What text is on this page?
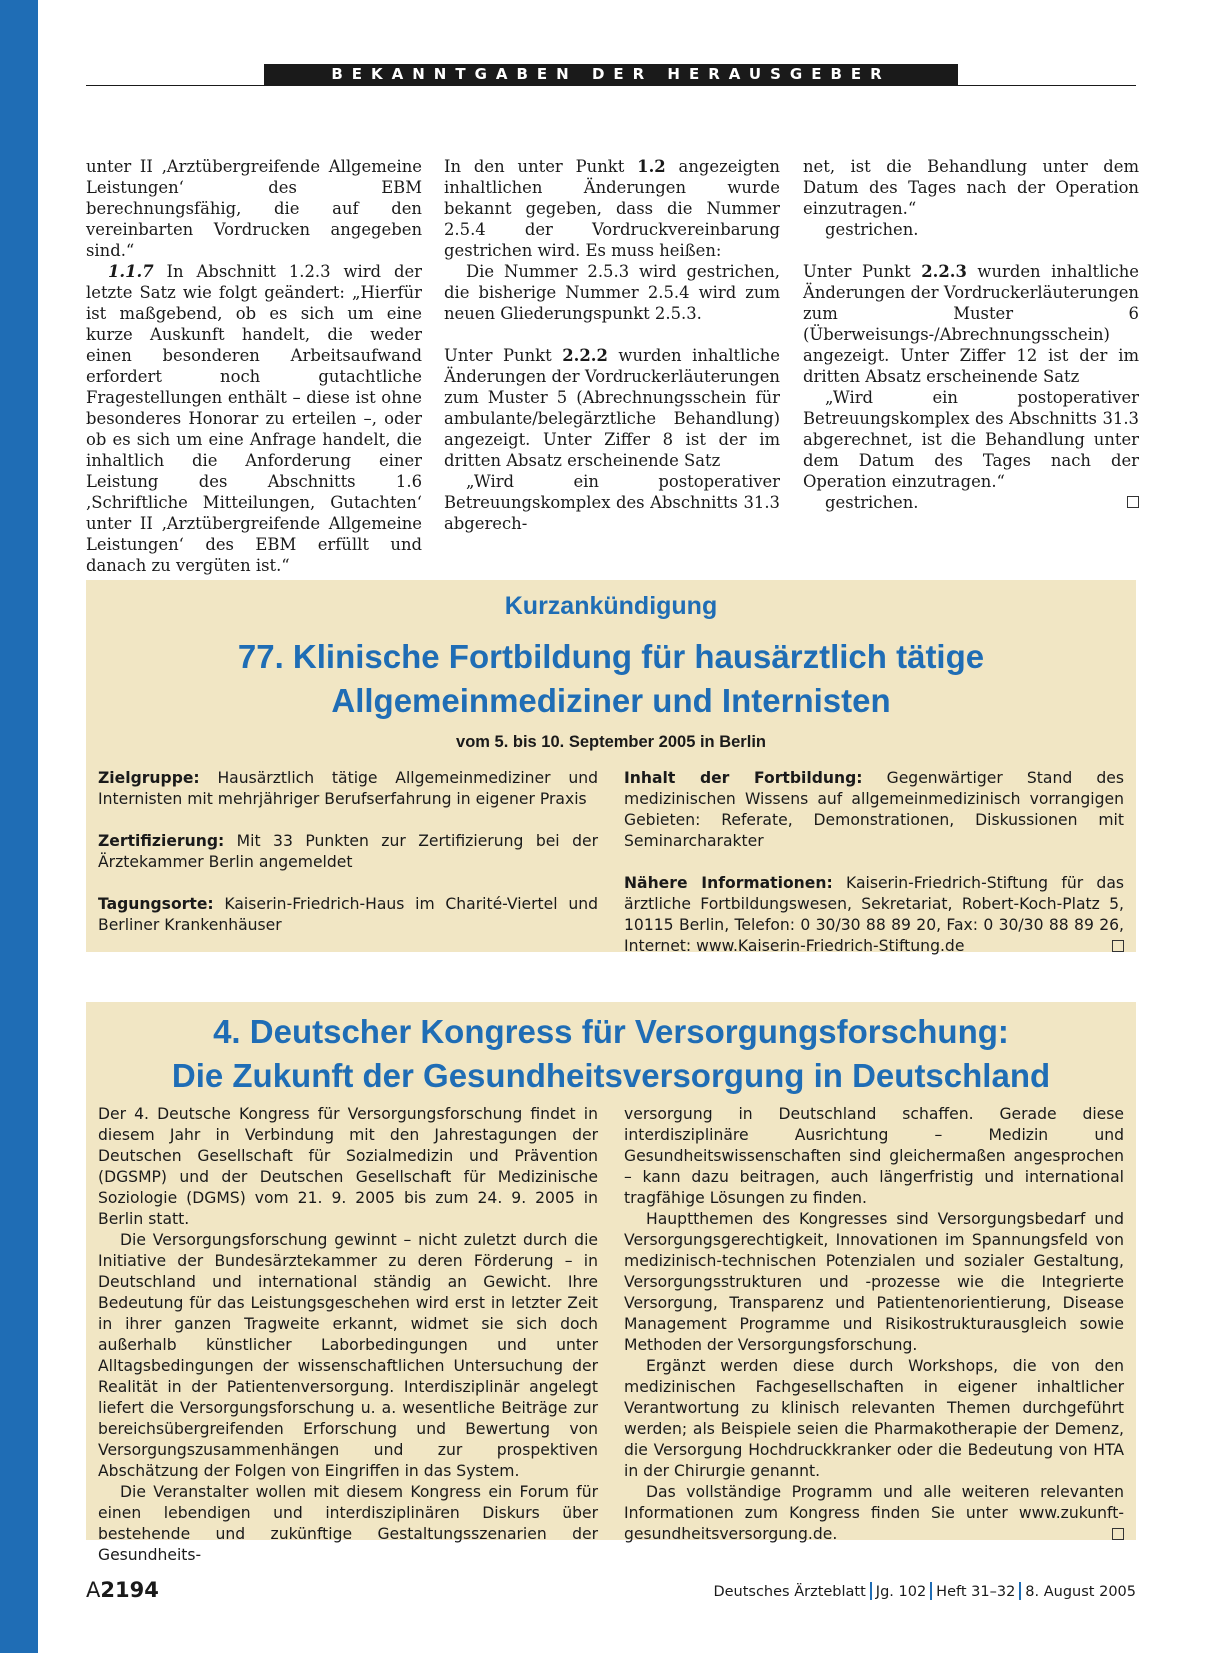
BEKANNTGABEN DER HERAUSGEBER

unter II ‚Arztübergreifende Allgemeine Leistungen‘ des EBM berechnungsfähig, die auf den vereinbarten Vordrucken angegeben sind.“

1.1.7 In Abschnitt 1.2.3 wird der letzte Satz wie folgt geändert: „Hierfür ist maßgebend, ob es sich um eine kurze Auskunft handelt, die weder einen besonderen Arbeitsaufwand erfordert noch gutachtliche Fragestellungen enthält – diese ist ohne besonderes Honorar zu erteilen –, oder ob es sich um eine Anfrage handelt, die inhaltlich die Anforderung einer Leistung des Abschnitts 1.6 ‚Schriftliche Mitteilungen, Gutachten‘ unter II ‚Arztübergreifende Allgemeine Leistungen‘ des EBM erfüllt und danach zu vergüten ist.“

In den unter Punkt 1.2 angezeigten inhaltlichen Änderungen wurde bekannt gegeben, dass die Nummer 2.5.4 der Vordruckvereinbarung gestrichen wird. Es muss heißen:

Die Nummer 2.5.3 wird gestrichen, die bisherige Nummer 2.5.4 wird zum neuen Gliederungspunkt 2.5.3.

Unter Punkt 2.2.2 wurden inhaltliche Änderungen der Vordruckerläuterungen zum Muster 5 (Abrechnungsschein für ambulante/belegärztliche Behandlung) angezeigt. Unter Ziffer 8 ist der im dritten Absatz erscheinende Satz

„Wird ein postoperativer Betreuungskomplex des Abschnitts 31.3 abgerech-

net, ist die Behandlung unter dem Datum des Tages nach der Operation einzutragen.“

gestrichen.

Unter Punkt 2.2.3 wurden inhaltliche Änderungen der Vordruckerläuterungen zum Muster 6 (Überweisungs-/Abrechnungsschein) angezeigt. Unter Ziffer 12 ist der im dritten Absatz erscheinende Satz

„Wird ein postoperativer Betreuungskomplex des Abschnitts 31.3 abgerechnet, ist die Behandlung unter dem Datum des Tages nach der Operation einzutragen.“

gestrichen.

Kurzankündigung
77. Klinische Fortbildung für hausärztlich tätige
Allgemeinmediziner und Internisten
vom 5. bis 10. September 2005 in Berlin

Zielgruppe: Hausärztlich tätige Allgemeinmediziner und Internisten mit mehrjähriger Berufserfahrung in eigener Praxis

Zertifizierung: Mit 33 Punkten zur Zertifizierung bei der Ärztekammer Berlin angemeldet

Tagungsorte: Kaiserin-Friedrich-Haus im Charité-Viertel und Berliner Krankenhäuser

Inhalt der Fortbildung: Gegenwärtiger Stand des medizinischen Wissens auf allgemeinmedizinisch vorrangigen Gebieten: Referate, Demonstrationen, Diskussionen mit Seminarcharakter

Nähere Informationen: Kaiserin-Friedrich-Stiftung für das ärztliche Fortbildungswesen, Sekretariat, Robert-Koch-Platz 5, 10115 Berlin, Telefon: 0 30/30 88 89 20, Fax: 0 30/30 88 89 26, Internet: www.Kaiserin-Friedrich-Stiftung.de

4. Deutscher Kongress für Versorgungsforschung:
Die Zukunft der Gesundheitsversorgung in Deutschland

Der 4. Deutsche Kongress für Versorgungsforschung findet in diesem Jahr in Verbindung mit den Jahrestagungen der Deutschen Gesellschaft für Sozialmedizin und Prävention (DGSMP) und der Deutschen Gesellschaft für Medizinische Soziologie (DGMS) vom 21. 9. 2005 bis zum 24. 9. 2005 in Berlin statt.

Die Versorgungsforschung gewinnt – nicht zuletzt durch die Initiative der Bundesärztekammer zu deren Förderung – in Deutschland und international ständig an Gewicht. Ihre Bedeutung für das Leistungsgeschehen wird erst in letzter Zeit in ihrer ganzen Tragweite erkannt, widmet sie sich doch außerhalb künstlicher Laborbedingungen und unter Alltagsbedingungen der wissenschaftlichen Untersuchung der Realität in der Patientenversorgung. Interdisziplinär angelegt liefert die Versorgungsforschung u. a. wesentliche Beiträge zur bereichsübergreifenden Erforschung und Bewertung von Versorgungszusammenhängen und zur prospektiven Abschätzung der Folgen von Eingriffen in das System.

Die Veranstalter wollen mit diesem Kongress ein Forum für einen lebendigen und interdisziplinären Diskurs über bestehende und zukünftige Gestaltungsszenarien der Gesundheits-

versorgung in Deutschland schaffen. Gerade diese interdisziplinäre Ausrichtung – Medizin und Gesundheitswissenschaften sind gleichermaßen angesprochen – kann dazu beitragen, auch längerfristig und international tragfähige Lösungen zu finden.

Hauptthemen des Kongresses sind Versorgungsbedarf und Versorgungsgerechtigkeit, Innovationen im Spannungsfeld von medizinisch-technischen Potenzialen und sozialer Gestaltung, Versorgungsstrukturen und -prozesse wie die Integrierte Versorgung, Transparenz und Patientenorientierung, Disease Management Programme und Risikostrukturausgleich sowie Methoden der Versorgungsforschung.

Ergänzt werden diese durch Workshops, die von den medizinischen Fachgesellschaften in eigener inhaltlicher Verantwortung zu klinisch relevanten Themen durchgeführt werden; als Beispiele seien die Pharmakotherapie der Demenz, die Versorgung Hochdruckkranker oder die Bedeutung von HTA in der Chirurgie genannt.

Das vollständige Programm und alle weiteren relevanten Informationen zum Kongress finden Sie unter www.zukunft-gesundheitsversorgung.de.

A2194	Deutsches Ärzteblatt Jg. 102 Heft 31–32 8. August 2005
